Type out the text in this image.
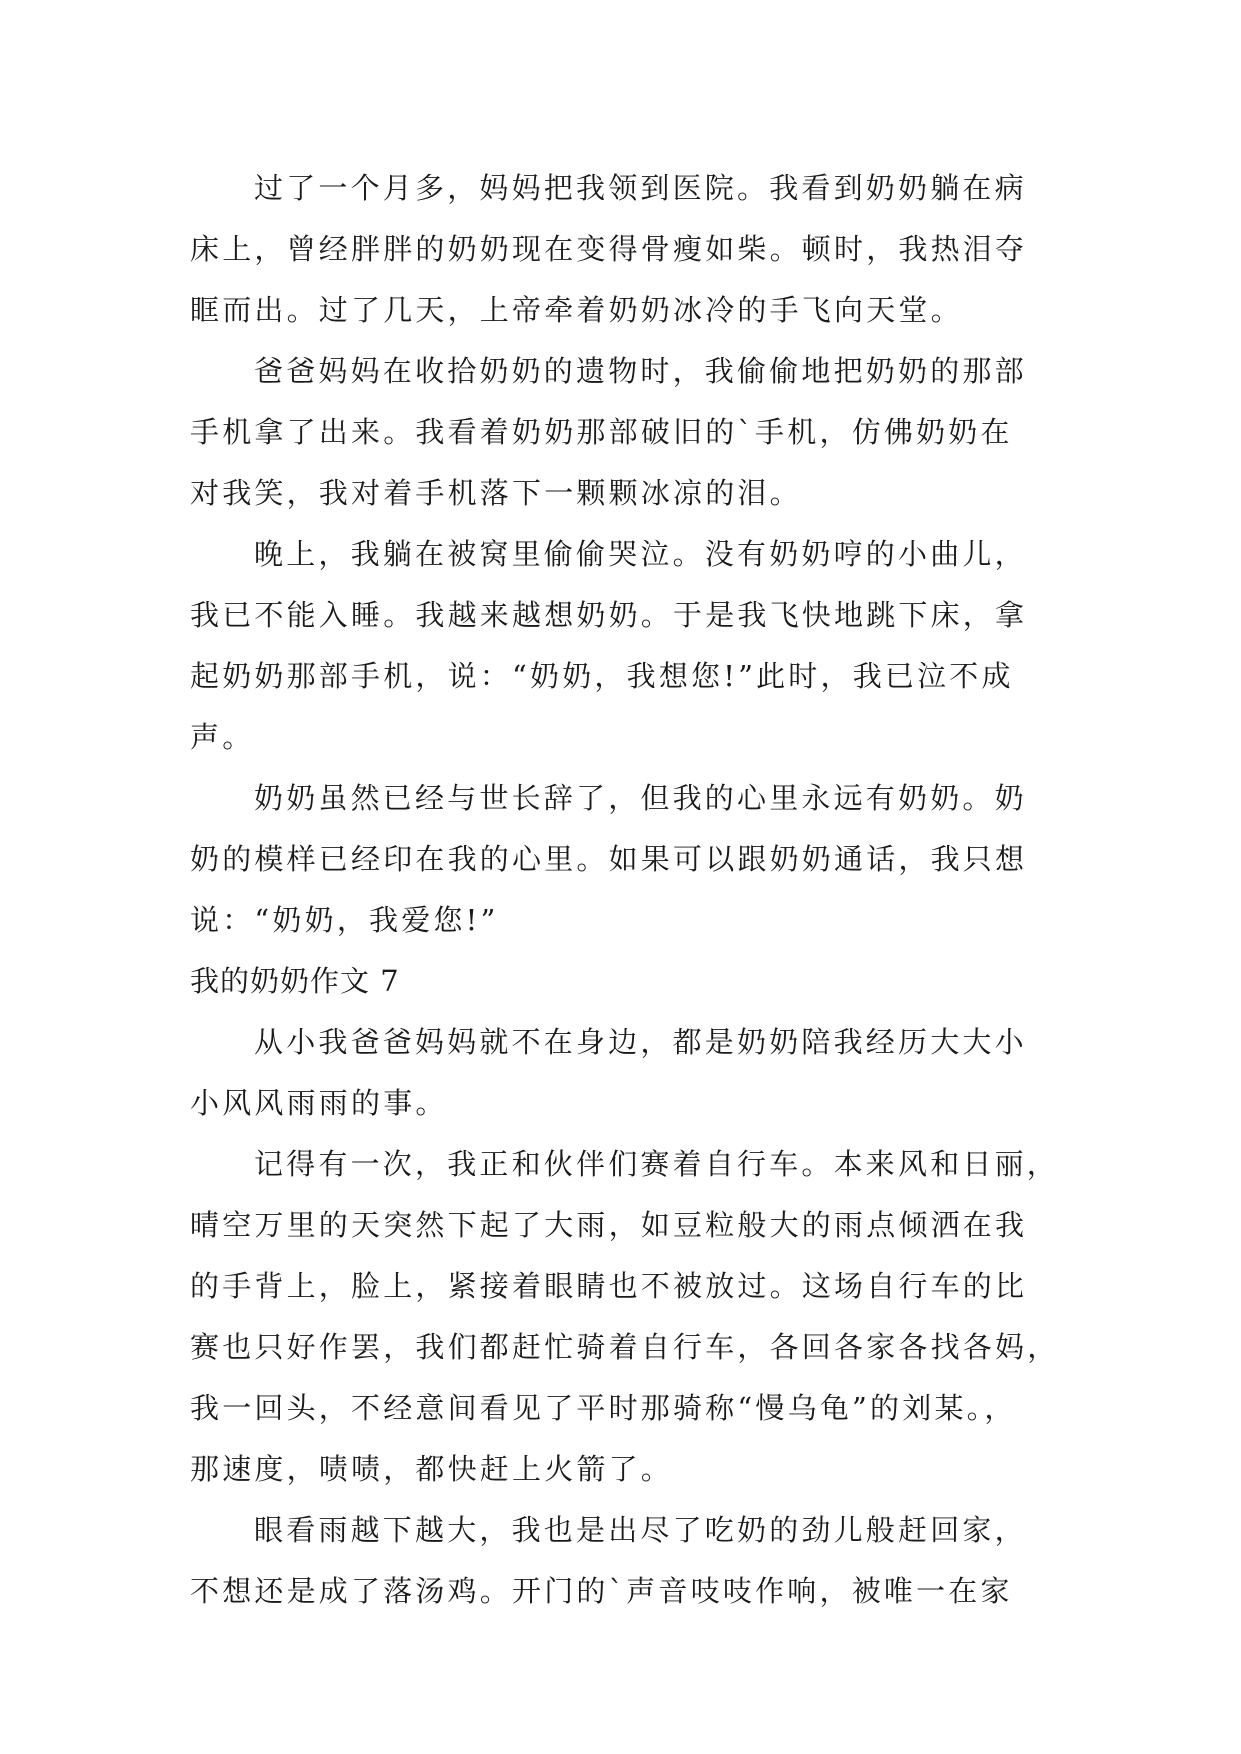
过了一个月多，妈妈把我领到医院。我看到奶奶躺在病
床上，曾经胖胖的奶奶现在变得骨瘦如柴。顿时，我热泪夺
眶而出。过了几天，上帝牵着奶奶冰冷的手飞向天堂。
爸爸妈妈在收拾奶奶的遗物时，我偷偷地把奶奶的那部
手机拿了出来。我看着奶奶那部破旧的`手机，仿佛奶奶在
对我笑，我对着手机落下一颗颗冰凉的泪。
晚上，我躺在被窝里偷偷哭泣。没有奶奶哼的小曲儿，
我已不能入睡。我越来越想奶奶。于是我飞快地跳下床，拿
起奶奶那部手机，说：“奶奶，我想您!”此时，我已泣不成
声。
奶奶虽然已经与世长辞了，但我的心里永远有奶奶。奶
奶的模样已经印在我的心里。如果可以跟奶奶通话，我只想
说：“奶奶，我爱您!”
我的奶奶作文 7
从小我爸爸妈妈就不在身边，都是奶奶陪我经历大大小
小风风雨雨的事。
记得有一次，我正和伙伴们赛着自行车。本来风和日丽，
晴空万里的天突然下起了大雨，如豆粒般大的雨点倾洒在我
的手背上，脸上，紧接着眼睛也不被放过。这场自行车的比
赛也只好作罢，我们都赶忙骑着自行车，各回各家各找各妈，
我一回头，不经意间看见了平时那骑称“慢乌龟”的刘某。，
那速度，啧啧，都快赶上火箭了。
眼看雨越下越大，我也是出尽了吃奶的劲儿般赶回家，
不想还是成了落汤鸡。开门的`声音吱吱作响，被唯一在家
